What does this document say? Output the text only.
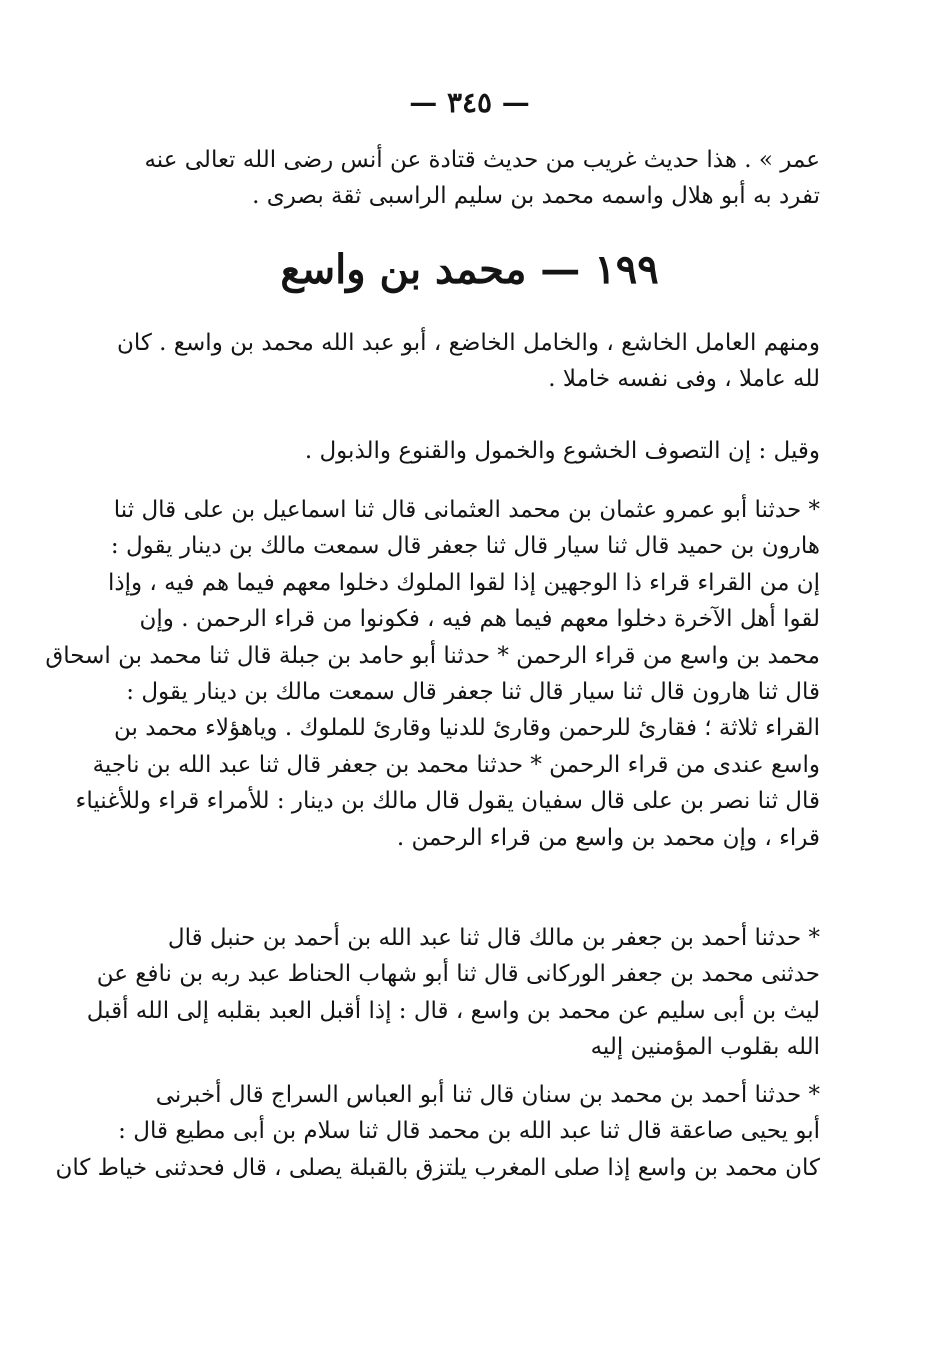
— ٣٤٥ —
عمر » . هذا حديث غريب من حديث قتادة عن أنس رضى الله تعالى عنه
تفرد به أبو هلال واسمه محمد بن سليم الراسبى ثقة بصرى .
١٩٩ — محمد بن واسع
ومنهم العامل الخاشع ، والخامل الخاضع ، أبو عبد الله محمد بن واسع . كان
لله عاملا ، وفى نفسه خاملا .
وقيل : إن التصوف الخشوع والخمول والقنوع والذبول .
* حدثنا أبو عمرو عثمان بن محمد العثمانى قال ثنا اسماعيل بن على قال ثنا
هارون بن حميد قال ثنا سيار قال ثنا جعفر قال سمعت مالك بن دينار يقول :
إن من القراء قراء ذا الوجهين إذا لقوا الملوك دخلوا معهم فيما هم فيه ، وإذا
لقوا أهل الآخرة دخلوا معهم فيما هم فيه ، فكونوا من قراء الرحمن . وإن
محمد بن واسع من قراء الرحمن * حدثنا أبو حامد بن جبلة قال ثنا محمد بن اسحاق
قال ثنا هارون قال ثنا سيار قال ثنا جعفر قال سمعت مالك بن دينار يقول :
القراء ثلاثة ؛ فقارئ للرحمن وقارئ للدنيا وقارئ للملوك . وياهؤلاء محمد بن
واسع عندى من قراء الرحمن * حدثنا محمد بن جعفر قال ثنا عبد الله بن ناجية
قال ثنا نصر بن على قال سفيان يقول قال مالك بن دينار : للأمراء قراء وللأغنياء
قراء ، وإن محمد بن واسع من قراء الرحمن .
* حدثنا أحمد بن جعفر بن مالك قال ثنا عبد الله بن أحمد بن حنبل قال
حدثنى محمد بن جعفر الوركانى قال ثنا أبو شهاب الحناط عبد ربه بن نافع عن
ليث بن أبى سليم عن محمد بن واسع ، قال : إذا أقبل العبد بقلبه إلى الله أقبل
الله بقلوب المؤمنين إليه
* حدثنا أحمد بن محمد بن سنان قال ثنا أبو العباس السراج قال أخبرنى
أبو يحيى صاعقة قال ثنا عبد الله بن محمد قال ثنا سلام بن أبى مطيع قال :
كان محمد بن واسع إذا صلى المغرب يلتزق بالقبلة يصلى ، قال فحدثنى خياط كان
